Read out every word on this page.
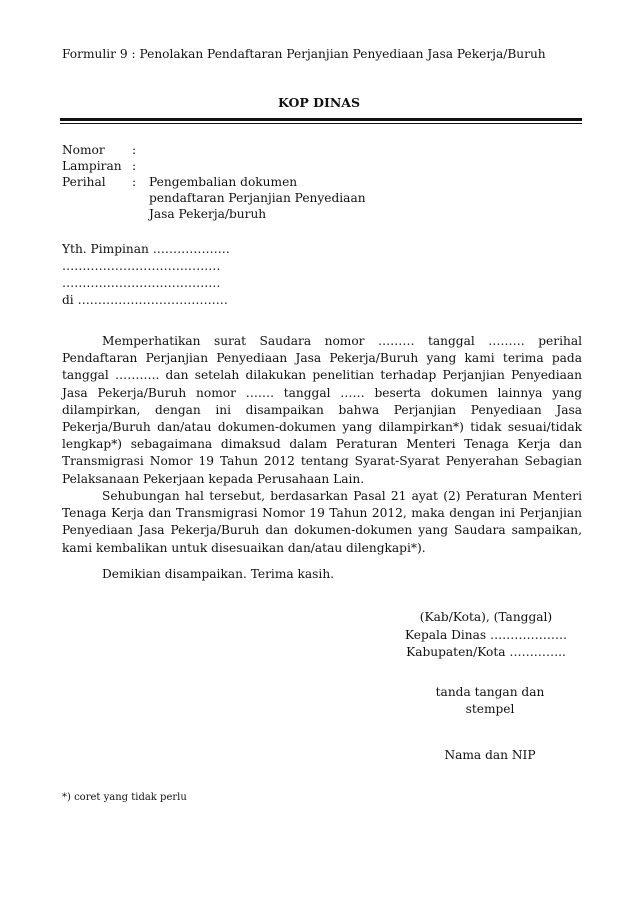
Formulir 9 : Penolakan Pendaftaran Perjanjian Penyediaan Jasa Pekerja/Buruh
KOP DINAS
Nomor :
Lampiran :
Perihal : Pengembalian dokumen
pendaftaran Perjanjian Penyediaan
Jasa Pekerja/buruh
Yth. Pimpinan ……………….
…………………………………
…………………………………
di ……………………………….
Memperhatikan surat Saudara nomor ……… tanggal ……… perihal Pendaftaran Perjanjian Penyediaan Jasa Pekerja/Buruh yang kami terima pada tanggal ……….. dan setelah dilakukan penelitian terhadap Perjanjian Penyediaan Jasa Pekerja/Buruh nomor ……. tanggal …… beserta dokumen lainnya yang dilampirkan, dengan ini disampaikan bahwa Perjanjian Penyediaan Jasa Pekerja/Buruh dan/atau dokumen-dokumen yang dilampirkan*) tidak sesuai/tidak lengkap*) sebagaimana dimaksud dalam Peraturan Menteri Tenaga Kerja dan Transmigrasi Nomor 19 Tahun 2012 tentang Syarat-Syarat Penyerahan Sebagian Pelaksanaan Pekerjaan kepada Perusahaan Lain.
Sehubungan hal tersebut, berdasarkan Pasal 21 ayat (2) Peraturan Menteri Tenaga Kerja dan Transmigrasi Nomor 19 Tahun 2012, maka dengan ini Perjanjian Penyediaan Jasa Pekerja/Buruh dan dokumen-dokumen yang Saudara sampaikan, kami kembalikan untuk disesuaikan dan/atau dilengkapi*).
Demikian disampaikan. Terima kasih.
(Kab/Kota), (Tanggal)
Kepala Dinas ……………….
Kabupaten/Kota …………..
tanda tangan dan
stempel
Nama dan NIP
*) coret yang tidak perlu
